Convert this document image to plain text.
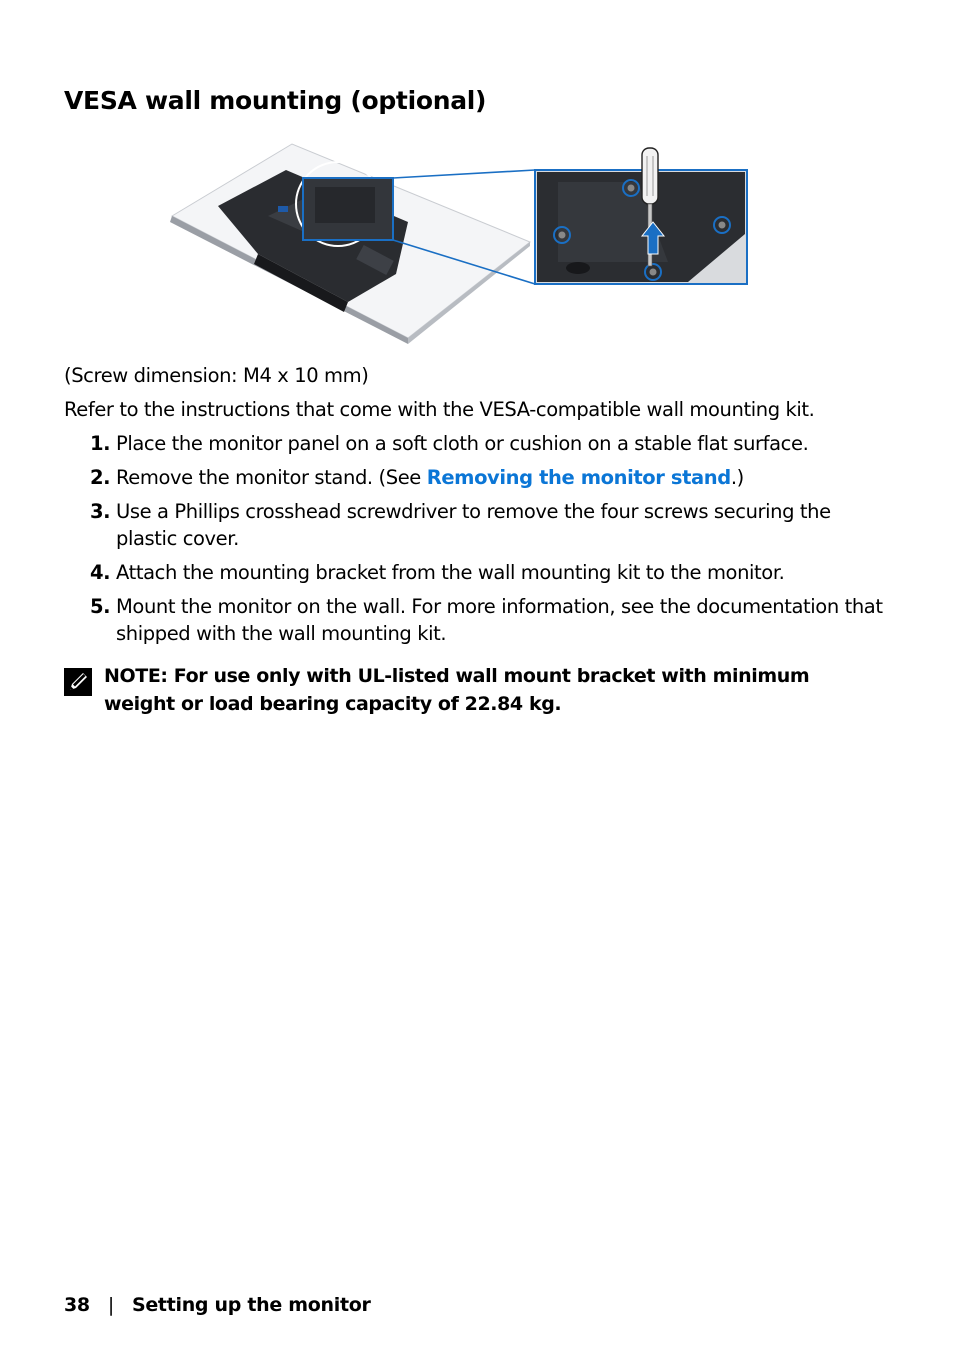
VESA wall mounting (optional)

(Screw dimension: M4 x 10 mm)

Refer to the instructions that come with the VESA-compatible wall mounting kit.

1. Place the monitor panel on a soft cloth or cushion on a stable flat surface.
2. Remove the monitor stand. (See Removing the monitor stand.)
3. Use a Phillips crosshead screwdriver to remove the four screws securing the plastic cover.
4. Attach the mounting bracket from the wall mounting kit to the monitor.
5. Mount the monitor on the wall. For more information, see the documentation that shipped with the wall mounting kit.

NOTE: For use only with UL-listed wall mount bracket with minimum weight or load bearing capacity of 22.84 kg.

38 | Setting up the monitor
